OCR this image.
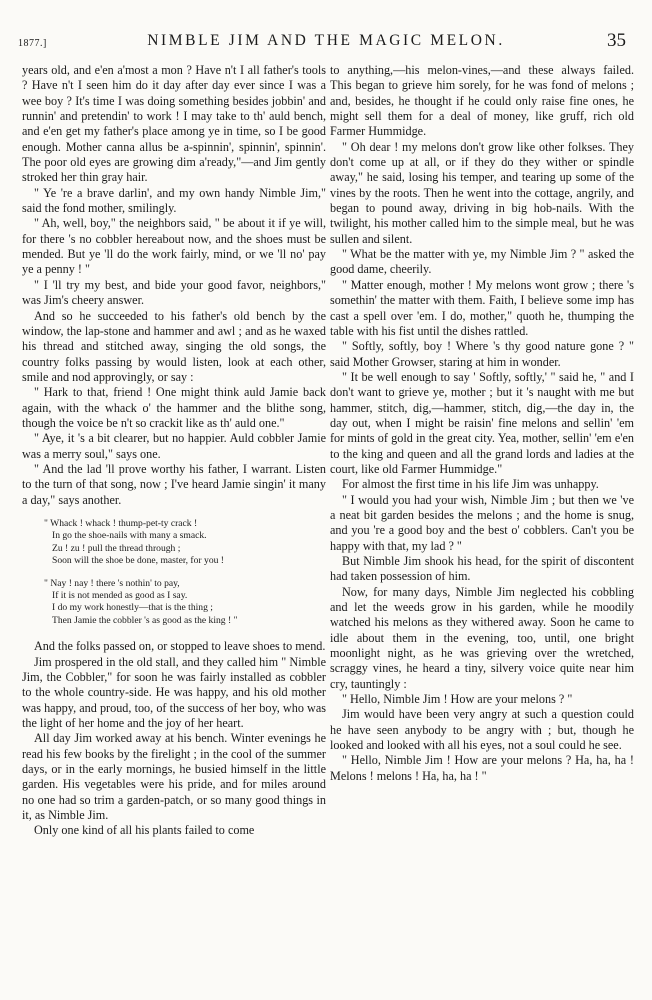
1877.]	NIMBLE JIM AND THE MAGIC MELON.	35

years old, and e'en a'most a mon ? Have n't I all father's tools ? Have n't I seen him do it day after day ever since I was a wee boy ? It's time I was doing something besides jobbin' and runnin' and pretendin' to work ! I may take to th' auld bench, and e'en get my father's place among ye in time, so I be good enough. Mother canna allus be a-spinnin', spinnin', spinnin'. The poor old eyes are growing dim a'ready,"—and Jim gently stroked her thin gray hair.

" Ye 're a brave darlin', and my own handy Nimble Jim," said the fond mother, smilingly.

" Ah, well, boy," the neighbors said, " be about it if ye will, for there 's no cobbler hereabout now, and the shoes must be mended. But ye 'll do the work fairly, mind, or we 'll no' pay ye a penny ! "

" I 'll try my best, and bide your good favor, neighbors," was Jim's cheery answer.

And so he succeeded to his father's old bench by the window, the lap-stone and hammer and awl ; and as he waxed his thread and stitched away, singing the old songs, the country folks passing by would listen, look at each other, smile and nod approvingly, or say :

" Hark to that, friend ! One might think auld Jamie back again, with the whack o' the hammer and the blithe song, though the voice be n't so crackit like as th' auld one."

" Aye, it 's a bit clearer, but no happier. Auld cobbler Jamie was a merry soul," says one.

" And the lad 'll prove worthy his father, I warrant. Listen to the turn of that song, now ; I've heard Jamie singin' it many a day," says another.

" Whack ! whack ! thump-pet-ty crack !
In go the shoe-nails with many a smack.
Zu ! zu ! pull the thread through ;
Soon will the shoe be done, master, for you !
" Nay ! nay ! there 's nothin' to pay,
If it is not mended as good as I say.
I do my work honestly—that is the thing ;
Then Jamie the cobbler 's as good as the king ! "

And the folks passed on, or stopped to leave shoes to mend.

Jim prospered in the old stall, and they called him " Nimble Jim, the Cobbler," for soon he was fairly installed as cobbler to the whole country-side. He was happy, and his old mother was happy, and proud, too, of the success of her boy, who was the light of her home and the joy of her heart.

All day Jim worked away at his bench. Winter evenings he read his few books by the firelight ; in the cool of the summer days, or in the early mornings, he busied himself in the little garden. His vegetables were his pride, and for miles around no one had so trim a garden-patch, or so many good things in it, as Nimble Jim.

Only one kind of all his plants failed to come

to anything,—his melon-vines,—and these always failed. This began to grieve him sorely, for he was fond of melons ; and, besides, he thought if he could only raise fine ones, he might sell them for a deal of money, like gruff, rich old Farmer Hummidge.

" Oh dear ! my melons don't grow like other folkses. They don't come up at all, or if they do they wither or spindle away," he said, losing his temper, and tearing up some of the vines by the roots. Then he went into the cottage, angrily, and began to pound away, driving in big hob-nails. With the twilight, his mother called him to the simple meal, but he was sullen and silent.

" What be the matter with ye, my Nimble Jim ? " asked the good dame, cheerily.

" Matter enough, mother ! My melons wont grow ; there 's somethin' the matter with them. Faith, I believe some imp has cast a spell over 'em. I do, mother," quoth he, thumping the table with his fist until the dishes rattled.

" Softly, softly, boy ! Where 's thy good nature gone ? " said Mother Growser, staring at him in wonder.

" It be well enough to say ' Softly, softly,' " said he, " and I don't want to grieve ye, mother ; but it 's naught with me but hammer, stitch, dig,—hammer, stitch, dig,—the day in, the day out, when I might be raisin' fine melons and sellin' 'em for mints of gold in the great city. Yea, mother, sellin' 'em e'en to the king and queen and all the grand lords and ladies at the court, like old Farmer Hummidge."

For almost the first time in his life Jim was unhappy.

" I would you had your wish, Nimble Jim ; but then we 've a neat bit garden besides the melons ; and the home is snug, and you 're a good boy and the best o' cobblers. Can't you be happy with that, my lad ? "

But Nimble Jim shook his head, for the spirit of discontent had taken possession of him.

Now, for many days, Nimble Jim neglected his cobbling and let the weeds grow in his garden, while he moodily watched his melons as they withered away. Soon he came to idle about them in the evening, too, until, one bright moonlight night, as he was grieving over the wretched, scraggy vines, he heard a tiny, silvery voice quite near him cry, tauntingly :

" Hello, Nimble Jim ! How are your melons ? "

Jim would have been very angry at such a question could he have seen anybody to be angry with ; but, though he looked and looked with all his eyes, not a soul could he see.

" Hello, Nimble Jim ! How are your melons ? Ha, ha, ha ! Melons ! melons ! Ha, ha, ha ! "
